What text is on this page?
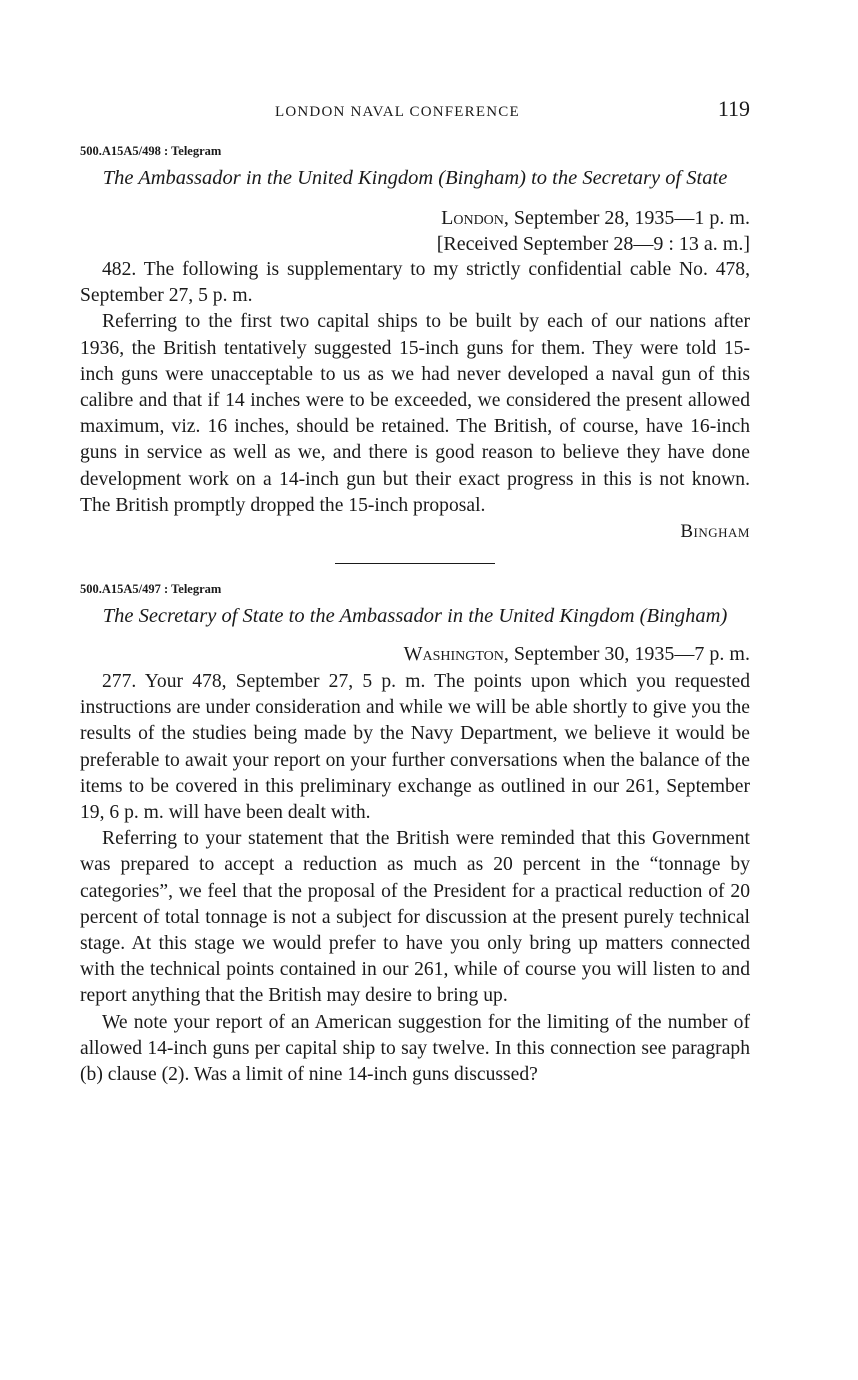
LONDON NAVAL CONFERENCE	119
500.A15A5/498 : Telegram
The Ambassador in the United Kingdom (Bingham) to the Secretary of State
London, September 28, 1935—1 p. m.
[Received September 28—9 : 13 a. m.]

482. The following is supplementary to my strictly confidential cable No. 478, September 27, 5 p. m.

Referring to the first two capital ships to be built by each of our nations after 1936, the British tentatively suggested 15-inch guns for them. They were told 15-inch guns were unacceptable to us as we had never developed a naval gun of this calibre and that if 14 inches were to be exceeded, we considered the present allowed maximum, viz. 16 inches, should be retained. The British, of course, have 16-inch guns in service as well as we, and there is good reason to believe they have done development work on a 14-inch gun but their exact progress in this is not known. The British promptly dropped the 15-inch proposal.

Bingham
500.A15A5/497 : Telegram
The Secretary of State to the Ambassador in the United Kingdom (Bingham)
Washington, September 30, 1935—7 p. m.

277. Your 478, September 27, 5 p. m. The points upon which you requested instructions are under consideration and while we will be able shortly to give you the results of the studies being made by the Navy Department, we believe it would be preferable to await your report on your further conversations when the balance of the items to be covered in this preliminary exchange as outlined in our 261, September 19, 6 p. m. will have been dealt with.

Referring to your statement that the British were reminded that this Government was prepared to accept a reduction as much as 20 percent in the “tonnage by categories”, we feel that the proposal of the President for a practical reduction of 20 percent of total tonnage is not a subject for discussion at the present purely technical stage. At this stage we would prefer to have you only bring up matters connected with the technical points contained in our 261, while of course you will listen to and report anything that the British may desire to bring up.

We note your report of an American suggestion for the limiting of the number of allowed 14-inch guns per capital ship to say twelve. In this connection see paragraph (b) clause (2). Was a limit of nine 14-inch guns discussed?
